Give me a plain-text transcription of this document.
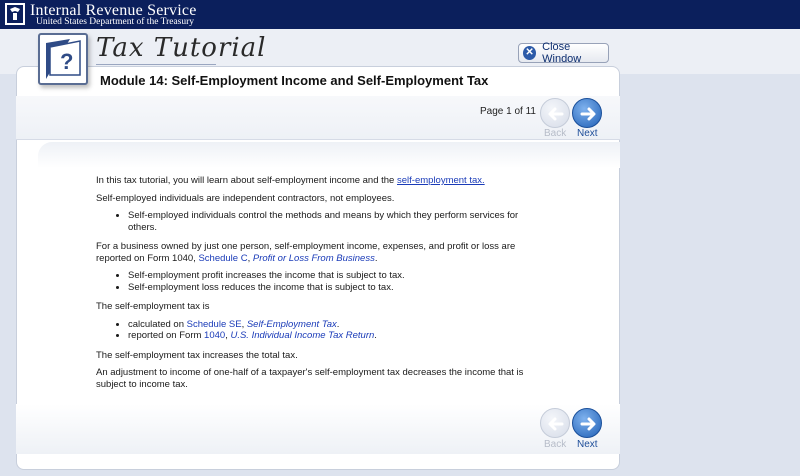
Internal Revenue Service
United States Department of the Treasury
? Tax Tutorial	✕ Close Window
Module 14: Self-Employment Income and Self-Employment Tax
Page 1 of 11
Back Next

In this tax tutorial, you will learn about self-employment income and the self-employment tax.

Self-employed individuals are independent contractors, not employees.

• Self-employed individuals control the methods and means by which they perform services for others.

For a business owned by just one person, self-employment income, expenses, and profit or loss are reported on Form 1040, Schedule C, Profit or Loss From Business.

• Self-employment profit increases the income that is subject to tax.
• Self-employment loss reduces the income that is subject to tax.

The self-employment tax is

• calculated on Schedule SE, Self-Employment Tax.
• reported on Form 1040, U.S. Individual Income Tax Return.

The self-employment tax increases the total tax.

An adjustment to income of one-half of a taxpayer's self-employment tax decreases the income that is subject to income tax.

Back Next
